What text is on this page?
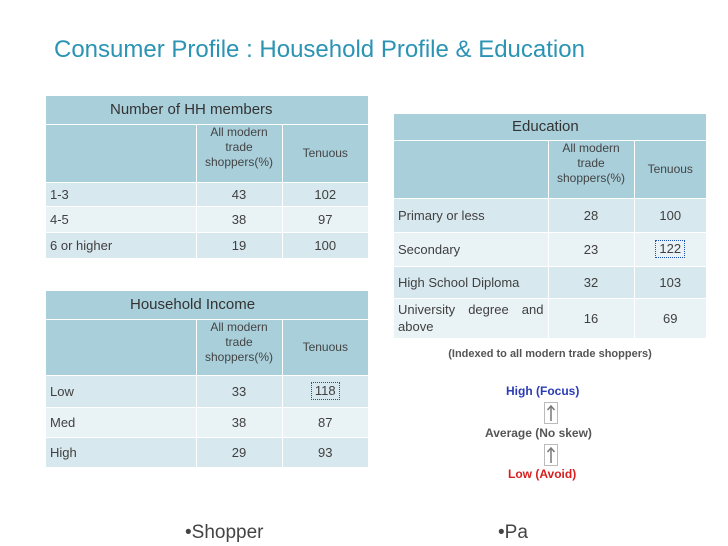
Consumer Profile : Household Profile & Education
Number of HH members		
	All modern trade shoppers(%)	Tenuous
1-3	43	102
4-5	38	97
6 or higher	19	100
Household Income		
	All modern trade shoppers(%)	Tenuous
Low	33	118
Med	38	87
High	29	93
Education		
	All modern trade shoppers(%)	Tenuous
Primary or less	28	100
Secondary	23	122
High School Diploma	32	103
University degree and above	16	69
(Indexed to all modern trade shoppers)
High (Focus)
Average (No skew)
Low (Avoid)
•Shopper	•Pa
